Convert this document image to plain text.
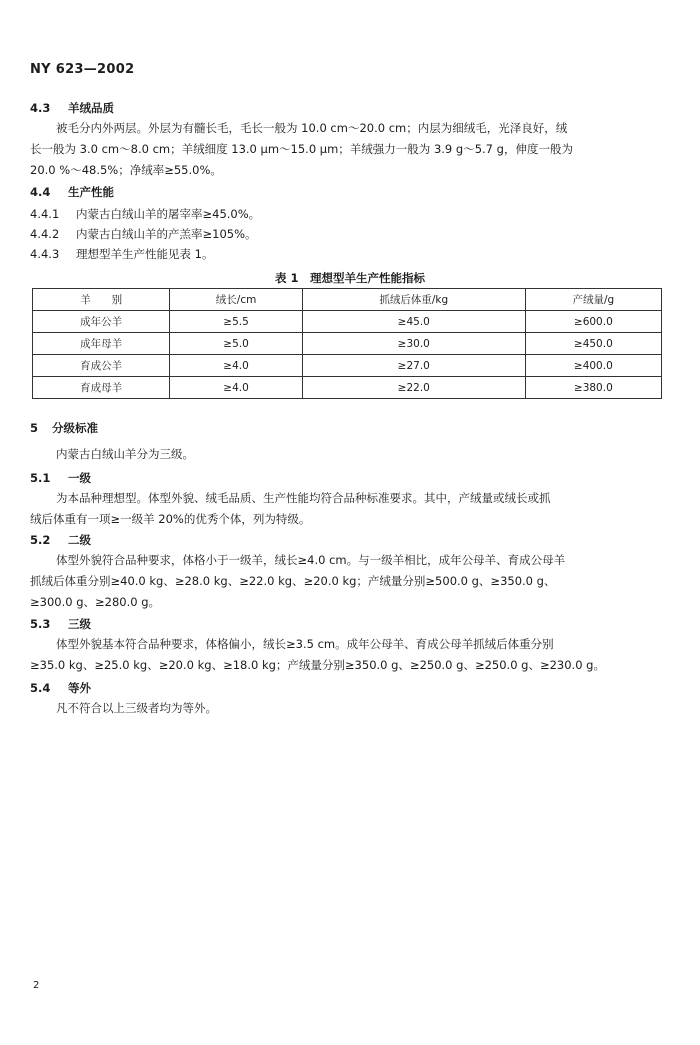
NY 623—2002
4.3 羊绒品质
被毛分内外两层。外层为有髓长毛，毛长一般为 10.0 cm～20.0 cm；内层为细绒毛，光泽良好，绒
长一般为 3.0 cm～8.0 cm；羊绒细度 13.0 μm～15.0 μm；羊绒强力一般为 3.9 g～5.7 g，伸度一般为
20.0 %～48.5%；净绒率≥55.0%。
4.4 生产性能
4.4.1 内蒙古白绒山羊的屠宰率≥45.0%。
4.4.2 内蒙古白绒山羊的产羔率≥105%。
4.4.3 理想型羊生产性能见表 1。
表 1　理想型羊生产性能指标
羊　　别	绒长/cm	抓绒后体重/kg	产绒量/g
成年公羊	≥5.5	≥45.0	≥600.0
成年母羊	≥5.0	≥30.0	≥450.0
育成公羊	≥4.0	≥27.0	≥400.0
育成母羊	≥4.0	≥22.0	≥380.0
5 分级标准
内蒙古白绒山羊分为三级。
5.1 一级
为本品种理想型。体型外貌、绒毛品质、生产性能均符合品种标准要求。其中，产绒量或绒长或抓
绒后体重有一项≥一级羊 20%的优秀个体，列为特级。
5.2 二级
体型外貌符合品种要求，体格小于一级羊，绒长≥4.0 cm。与一级羊相比，成年公母羊、育成公母羊
抓绒后体重分别≥40.0 kg、≥28.0 kg、≥22.0 kg、≥20.0 kg；产绒量分别≥500.0 g、≥350.0 g、
≥300.0 g、≥280.0 g。
5.3 三级
体型外貌基本符合品种要求，体格偏小，绒长≥3.5 cm。成年公母羊、育成公母羊抓绒后体重分别
≥35.0 kg、≥25.0 kg、≥20.0 kg、≥18.0 kg；产绒量分别≥350.0 g、≥250.0 g、≥250.0 g、≥230.0 g。
5.4 等外
凡不符合以上三级者均为等外。
2
